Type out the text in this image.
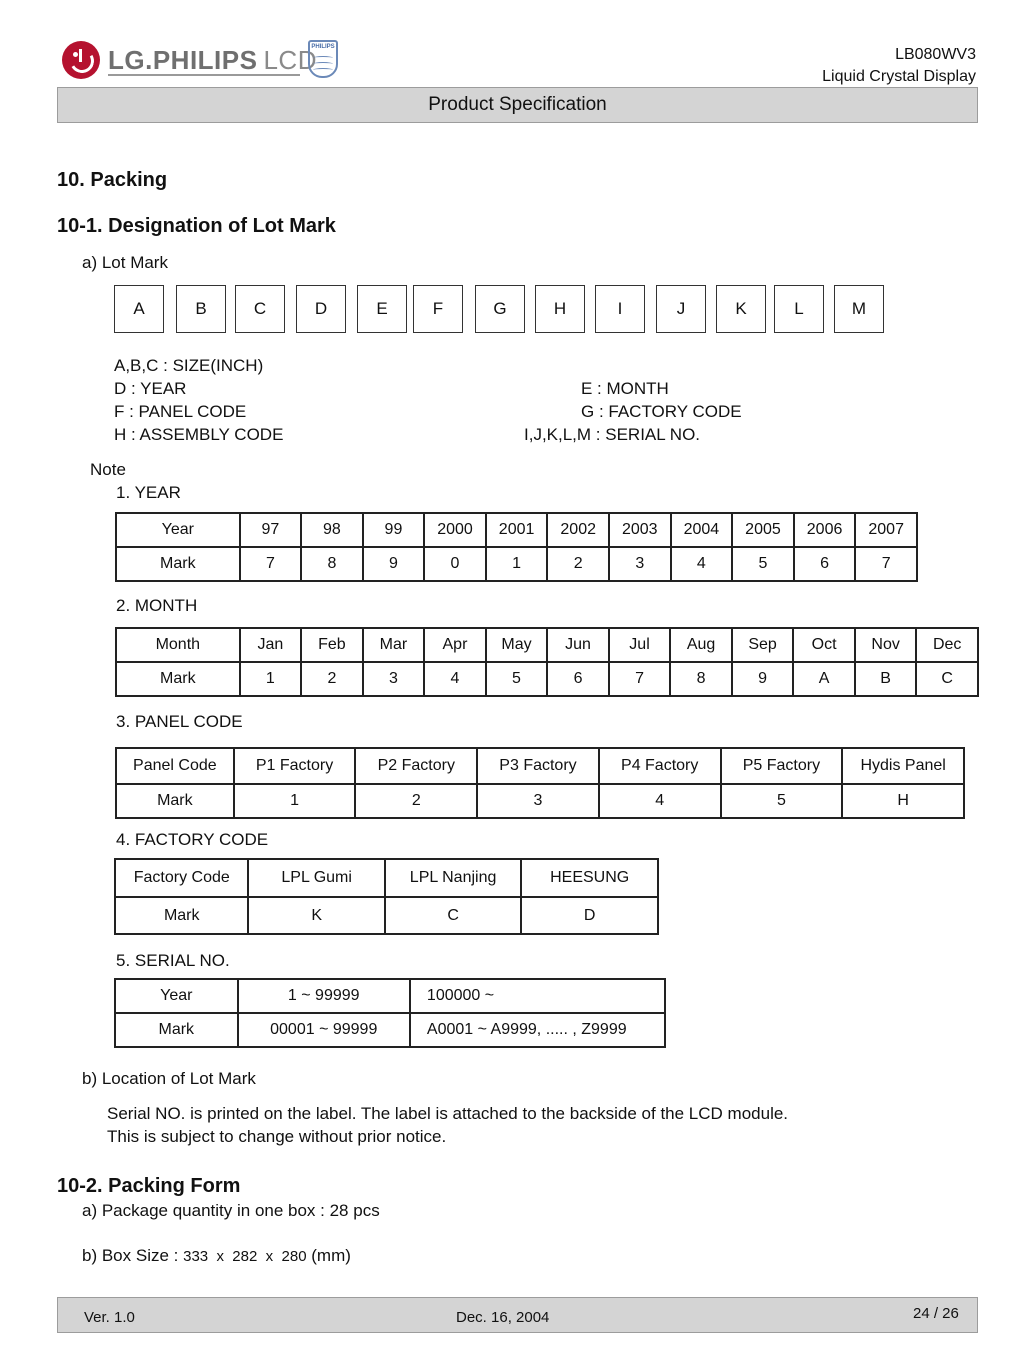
LG.PHILIPS LCD
PHILIPS	LB080WV3
Liquid Crystal Display
Product Specification
10. Packing
10-1. Designation of Lot Mark
a) Lot Mark
A	B	C	D	E	F	G	H	I	J	K	L	M
A,B,C : SIZE(INCH)
D : YEAR	E : MONTH
F : PANEL CODE	G : FACTORY CODE
H : ASSEMBLY CODE	I,J,K,L,M : SERIAL NO.
Note
1. YEAR
Year	97	98	99	2000	2001	2002	2003	2004	2005	2006	2007
Mark	7	8	9	0	1	2	3	4	5	6	7
2. MONTH
Month	Jan	Feb	Mar	Apr	May	Jun	Jul	Aug	Sep	Oct	Nov	Dec
Mark	1	2	3	4	5	6	7	8	9	A	B	C
3. PANEL CODE
Panel Code	P1 Factory	P2 Factory	P3 Factory	P4 Factory	P5 Factory	Hydis Panel
Mark	1	2	3	4	5	H
4. FACTORY CODE
Factory Code	LPL Gumi	LPL Nanjing	HEESUNG
Mark	K	C	D
5. SERIAL NO.
Year	1 ~ 99999	100000 ~
Mark	00001 ~ 99999	A0001 ~ A9999, ..... , Z9999
b) Location of Lot Mark
Serial NO. is printed on the label. The label is attached to the backside of the LCD module.
This is subject to change without prior notice.
10-2. Packing Form
a) Package quantity in one box : 28 pcs
b) Box Size : 333  x  282  x  280 (mm)
Ver. 1.0	Dec. 16, 2004	24 / 26
